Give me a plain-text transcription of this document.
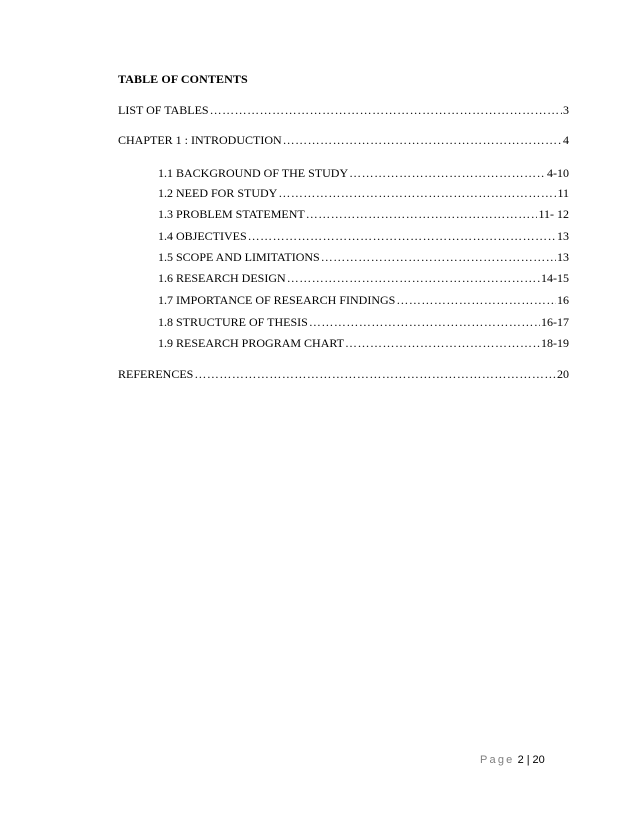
TABLE OF CONTENTS
LIST OF TABLES ……………………………………………………………………………………………………………………………………………………	3
CHAPTER 1 : INTRODUCTION ……………………………………………………………………………………………………………………………………………………	4
1.1 BACKGROUND OF THE STUDY ……………………………………………………………………………………………………………………………………………………	4-10
1.2 NEED FOR STUDY ……………………………………………………………………………………………………………………………………………………	11
1.3 PROBLEM STATEMENT ……………………………………………………………………………………………………………………………………………………	11- 12
1.4 OBJECTIVES ……………………………………………………………………………………………………………………………………………………	13
1.5 SCOPE AND LIMITATIONS ……………………………………………………………………………………………………………………………………………………	13
1.6 RESEARCH DESIGN ……………………………………………………………………………………………………………………………………………………	14-15
1.7 IMPORTANCE OF RESEARCH FINDINGS ……………………………………………………………………………………………………………………………………………………	16
1.8 STRUCTURE OF THESIS ……………………………………………………………………………………………………………………………………………………	16-17
1.9 RESEARCH PROGRAM CHART ……………………………………………………………………………………………………………………………………………………	18-19
REFERENCES ……………………………………………………………………………………………………………………………………………………	20
Page 2 | 20
